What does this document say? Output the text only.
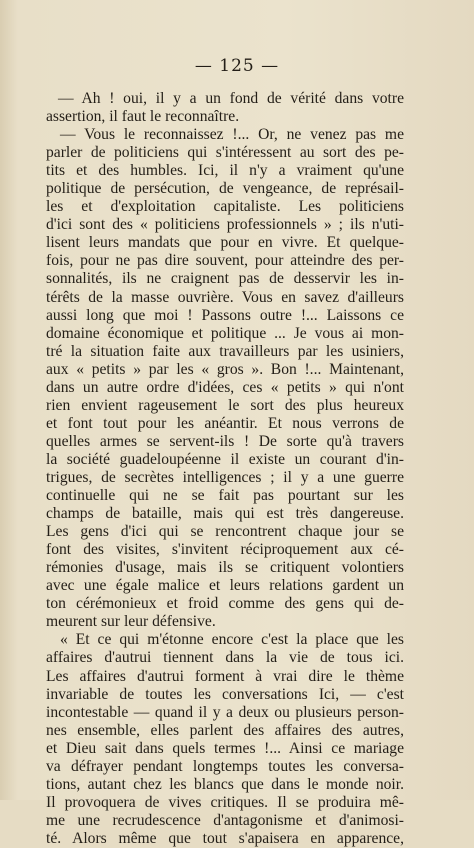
— 125 —
— Ah ! oui, il y a un fond de vérité dans votre
assertion, il faut le reconnaître.
— Vous le reconnaissez !... Or, ne venez pas me
parler de politiciens qui s'intéressent au sort des pe-
tits et des humbles. Ici, il n'y a vraiment qu'une
politique de persécution, de vengeance, de représail-
les et d'exploitation capitaliste. Les politiciens
d'ici sont des « politiciens professionnels » ; ils n'uti-
lisent leurs mandats que pour en vivre. Et quelque-
fois, pour ne pas dire souvent, pour atteindre des per-
sonnalités, ils ne craignent pas de desservir les in-
térêts de la masse ouvrière. Vous en savez d'ailleurs
aussi long que moi ! Passons outre !... Laissons ce
domaine économique et politique ... Je vous ai mon-
tré la situation faite aux travailleurs par les usiniers,
aux « petits » par les « gros ». Bon !... Maintenant,
dans un autre ordre d'idées, ces « petits » qui n'ont
rien envient rageusement le sort des plus heureux
et font tout pour les anéantir. Et nous verrons de
quelles armes se servent-ils ! De sorte qu'à travers
la société guadeloupéenne il existe un courant d'in-
trigues, de secrètes intelligences ; il y a une guerre
continuelle qui ne se fait pas pourtant sur les
champs de bataille, mais qui est très dangereuse.
Les gens d'ici qui se rencontrent chaque jour se
font des visites, s'invitent réciproquement aux cé-
rémonies d'usage, mais ils se critiquent volontiers
avec une égale malice et leurs relations gardent un
ton cérémonieux et froid comme des gens qui de-
meurent sur leur défensive.
« Et ce qui m'étonne encore c'est la place que les
affaires d'autrui tiennent dans la vie de tous ici.
Les affaires d'autrui forment à vrai dire le thème
invariable de toutes les conversations Ici, — c'est
incontestable — quand il y a deux ou plusieurs person-
nes ensemble, elles parlent des affaires des autres,
et Dieu sait dans quels termes !... Ainsi ce mariage
va défrayer pendant longtemps toutes les conversa-
tions, autant chez les blancs que dans le monde noir.
Il provoquera de vives critiques. Il se produira mê-
me une recrudescence d'antagonisme et d'animosi-
té. Alors même que tout s'apaisera en apparence,
